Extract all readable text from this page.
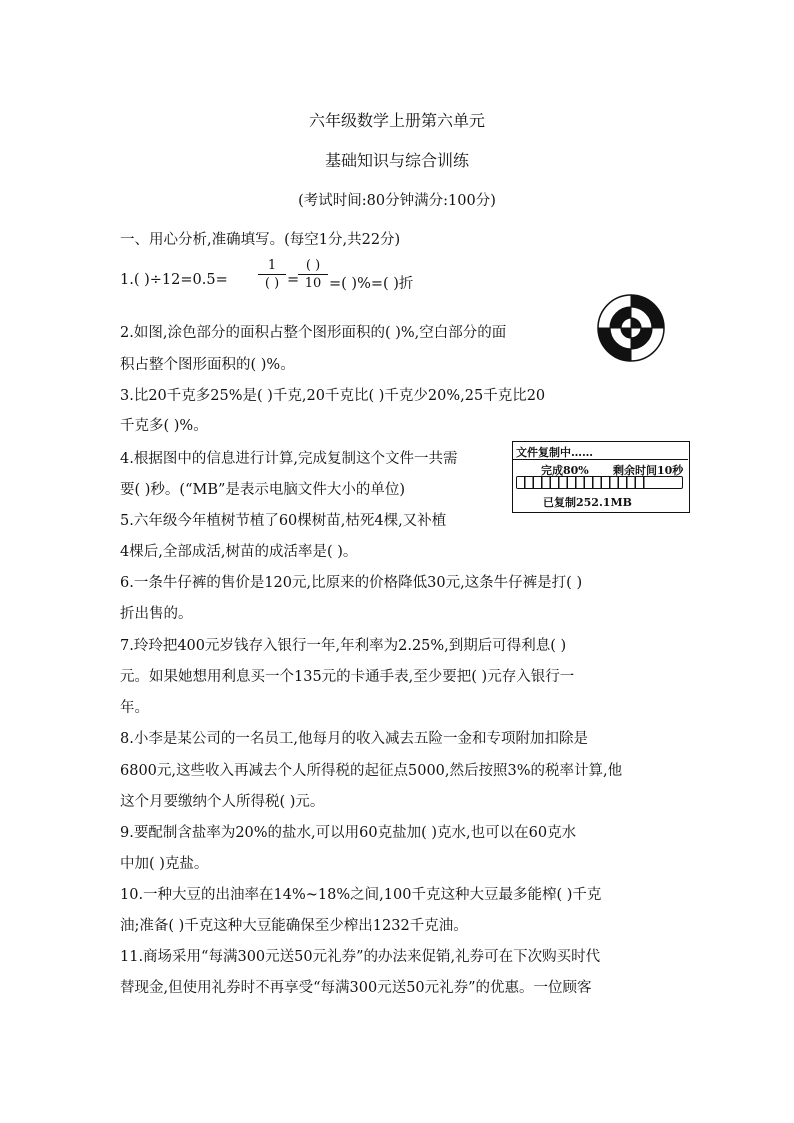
六年级数学上册第六单元
基础知识与综合训练
(考试时间:80分钟满分:100分)
一、用心分析,准确填写。(每空1分,共22分)
1.( )÷12=0.5=
1
( ) =
( )
10 =( )%=( )折
2.如图,涂色部分的面积占整个图形面积的( )%,空白部分的面
积占整个图形面积的( )%。
3.比20千克多25%是( )千克,20千克比( )千克少20%,25千克比20
千克多( )%。
4.根据图中的信息进行计算,完成复制这个文件一共需
要( )秒。(“MB”是表示电脑文件大小的单位)
文件复制中……
完成80% 剩余时间10秒
已复制252.1MB
5.六年级今年植树节植了60棵树苗,枯死4棵,又补植
4棵后,全部成活,树苗的成活率是( )。
6.一条牛仔裤的售价是120元,比原来的价格降低30元,这条牛仔裤是打( )
折出售的。
7.玲玲把400元岁钱存入银行一年,年利率为2.25%,到期后可得利息( )
元。如果她想用利息买一个135元的卡通手表,至少要把( )元存入银行一
年。
8.小李是某公司的一名员工,他每月的收入减去五险一金和专项附加扣除是
6800元,这些收入再减去个人所得税的起征点5000,然后按照3%的税率计算,他
这个月要缴纳个人所得税( )元。
9.要配制含盐率为20%的盐水,可以用60克盐加( )克水,也可以在60克水
中加( )克盐。
10.一种大豆的出油率在14%~18%之间,100千克这种大豆最多能榨( )千克
油;准备( )千克这种大豆能确保至少榨出1232千克油。
11.商场采用“每满300元送50元礼券”的办法来促销,礼券可在下次购买时代
替现金,但使用礼券时不再享受“每满300元送50元礼券”的优惠。一位顾客
